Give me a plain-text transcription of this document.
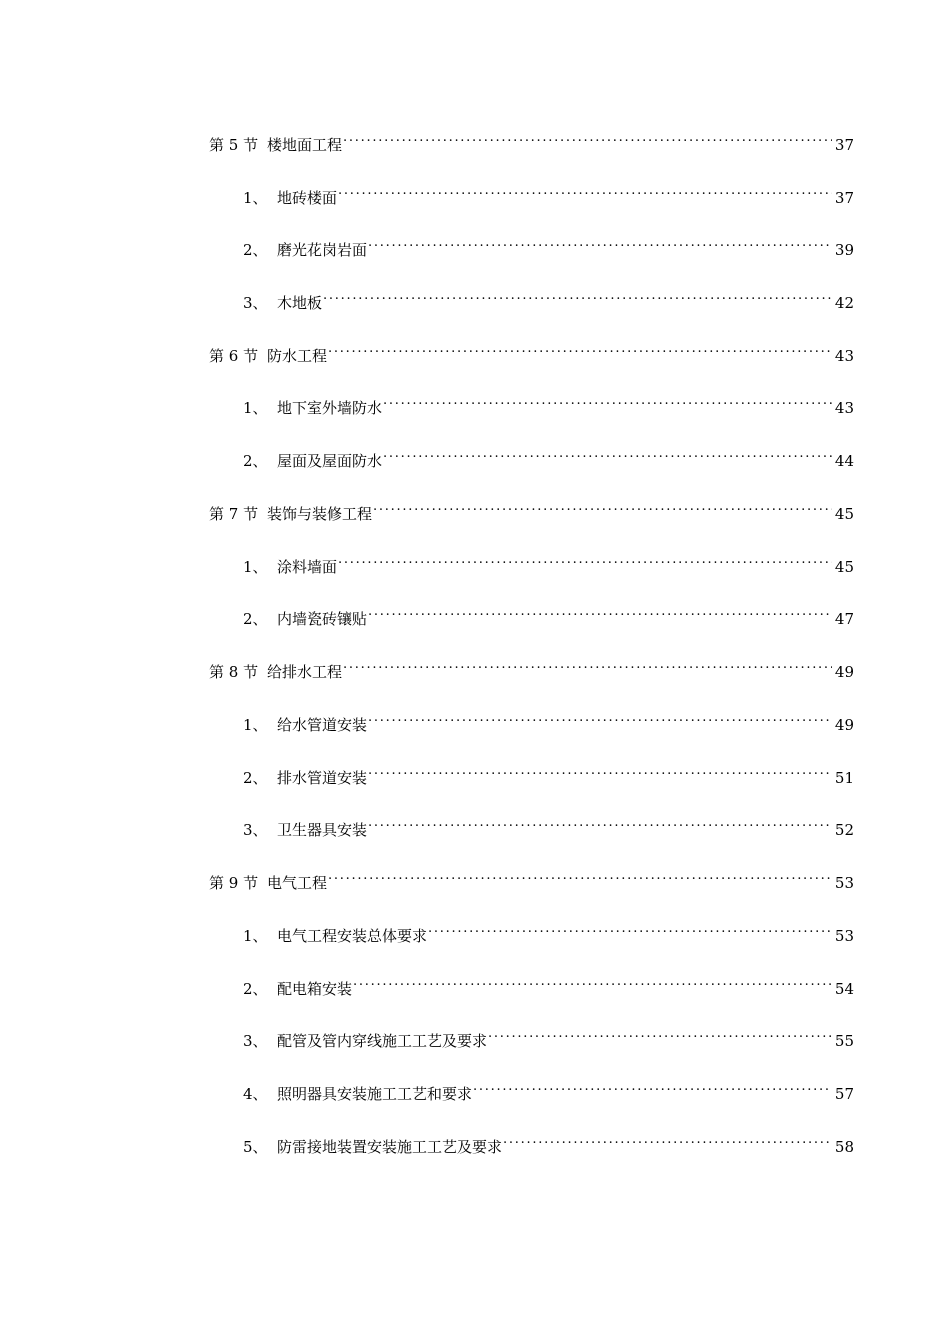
第 5 节 楼地面工程 . . .	37
1、 地砖楼面 . . .	37
2、 磨光花岗岩面 . . .	39
3、 木地板 . . .	42
第 6 节 防水工程 . . .	43
1、 地下室外墙防水 . . .	43
2、 屋面及屋面防水 . . .	44
第 7 节 装饰与装修工程 . . .	45
1、 涂料墙面 . . .	45
2、 内墙瓷砖镶贴 . . .	47
第 8 节 给排水工程 . . .	49
1、 给水管道安装 . . .	49
2、 排水管道安装 . . .	51
3、 卫生器具安装 . . .	52
第 9 节 电气工程 . . .	53
1、 电气工程安装总体要求 . . .	53
2、 配电箱安装 . . .	54
3、 配管及管内穿线施工工艺及要求 . . .	55
4、 照明器具安装施工工艺和要求 . . .	57
5、 防雷接地装置安装施工工艺及要求 . . .	58
